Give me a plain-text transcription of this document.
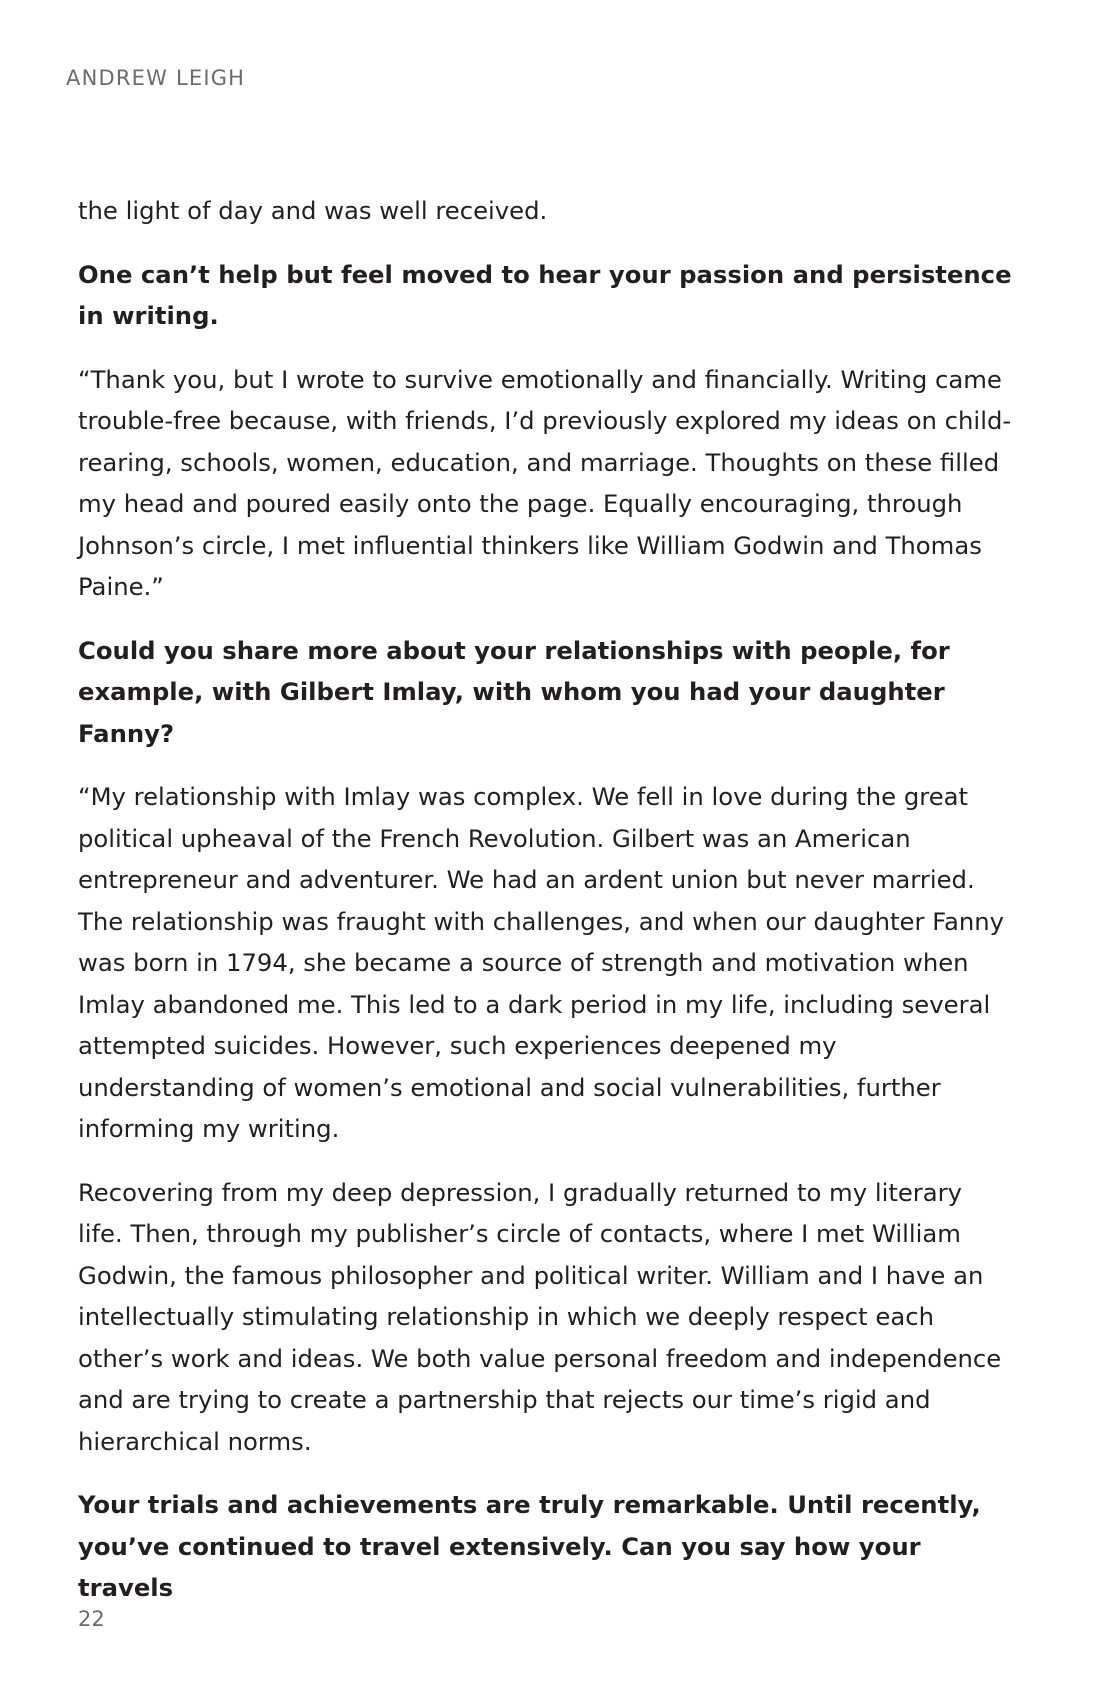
ANDREW LEIGH

the light of day and was well received.

One can’t help but feel moved to hear your passion and persistence in writing.

“Thank you, but I wrote to survive emotionally and financially. Writing came trouble-free because, with friends, I’d previously explored my ideas on child-rearing, schools, women, education, and marriage. Thoughts on these filled my head and poured easily onto the page. Equally encouraging, through Johnson’s circle, I met influential thinkers like William Godwin and Thomas Paine.”

Could you share more about your relationships with people, for example, with Gilbert Imlay, with whom you had your daughter Fanny?

“My relationship with Imlay was complex. We fell in love during the great political upheaval of the French Revolution. Gilbert was an American entrepreneur and adventurer. We had an ardent union but never married. The relationship was fraught with challenges, and when our daughter Fanny was born in 1794, she became a source of strength and motivation when Imlay abandoned me. This led to a dark period in my life, including several attempted suicides. However, such experiences deepened my understanding of women’s emotional and social vulnerabilities, further informing my writing.

Recovering from my deep depression, I gradually returned to my literary life. Then, through my publisher’s circle of contacts, where I met William Godwin, the famous philosopher and political writer. William and I have an intellectually stimulating relationship in which we deeply respect each other’s work and ideas. We both value personal freedom and independence and are trying to create a partnership that rejects our time’s rigid and hierarchical norms.

Your trials and achievements are truly remarkable. Until recently, you’ve continued to travel extensively. Can you say how your travels

22
